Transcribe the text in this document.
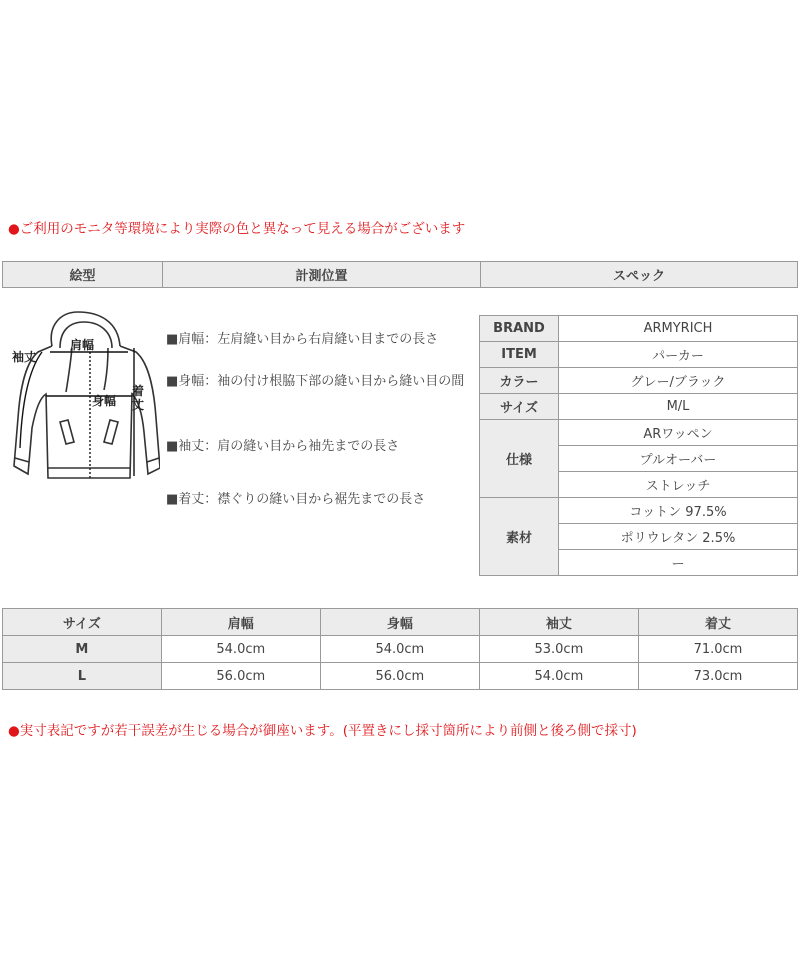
●ご利用のモニタ等環境により実際の色と異なって見える場合がございます
絵型	計測位置	スペック
袖丈
肩幅
身幅
着丈
■肩幅：左肩縫い目から右肩縫い目までの長さ
■身幅：袖の付け根脇下部の縫い目から縫い目の間
■袖丈：肩の縫い目から袖先までの長さ
■着丈：襟ぐりの縫い目から裾先までの長さ
BRAND	ARMYRICH
ITEM	パーカー
カラー	グレー/ブラック
サイズ	M/L
仕様	ARワッペン
	プルオーバー
	ストレッチ
素材	コットン 97.5%
	ポリウレタン 2.5%
	ー
サイズ	肩幅	身幅	袖丈	着丈
M	54.0cm	54.0cm	53.0cm	71.0cm
L	56.0cm	56.0cm	54.0cm	73.0cm
●実寸表記ですが若干誤差が生じる場合が御座います。(平置きにし採寸箇所により前側と後ろ側で採寸)
